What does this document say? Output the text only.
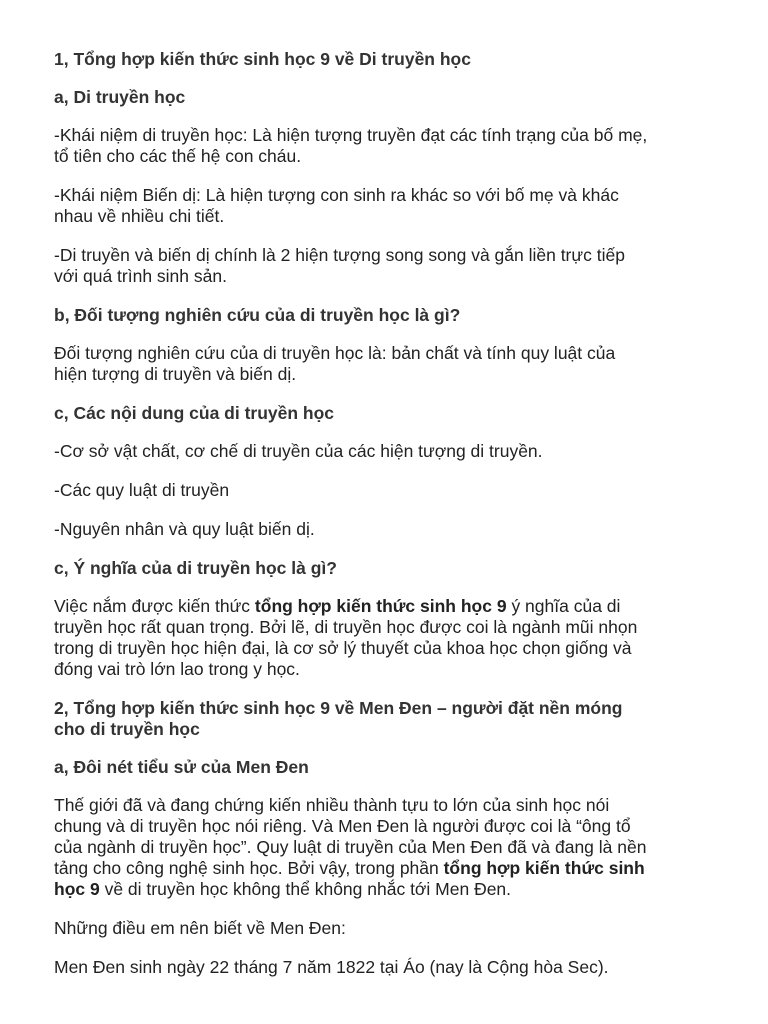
1, Tổng hợp kiến thức sinh học 9 về Di truyền học

a, Di truyền học

-Khái niệm di truyền học: Là hiện tượng truyền đạt các tính trạng của bố mẹ,

tổ tiên cho các thế hệ con cháu.

-Khái niệm Biến dị: Là hiện tượng con sinh ra khác so với bố mẹ và khác

nhau về nhiều chi tiết.

-Di truyền và biến dị chính là 2 hiện tượng song song và gắn liền trực tiếp

với quá trình sinh sản.

b, Đối tượng nghiên cứu của di truyền học là gì?

Đối tượng nghiên cứu của di truyền học là: bản chất và tính quy luật của

hiện tượng di truyền và biến dị.

c, Các nội dung của di truyền học

-Cơ sở vật chất, cơ chế di truyền của các hiện tượng di truyền.

-Các quy luật di truyền

-Nguyên nhân và quy luật biến dị.

c, Ý nghĩa của di truyền học là gì?

Việc nắm được kiến thức tổng hợp kiến thức sinh học 9 ý nghĩa của di

truyền học rất quan trọng. Bởi lẽ, di truyền học được coi là ngành mũi nhọn

trong di truyền học hiện đại, là cơ sở lý thuyết của khoa học chọn giống và

đóng vai trò lớn lao trong y học.

2, Tổng hợp kiến thức sinh học 9 về Men Đen – người đặt nền móng

cho di truyền học

a, Đôi nét tiểu sử của Men Đen

Thế giới đã và đang chứng kiến nhiều thành tựu to lớn của sinh học nói

chung và di truyền học nói riêng. Và Men Đen là người được coi là “ông tổ

của ngành di truyền học”. Quy luật di truyền của Men Đen đã và đang là nền

tảng cho công nghệ sinh học. Bởi vậy, trong phần tổng hợp kiến thức sinh

học 9 về di truyền học không thể không nhắc tới Men Đen.

Những điều em nên biết về Men Đen:

Men Đen sinh ngày 22 tháng 7 năm 1822 tại Áo (nay là Cộng hòa Sec).
